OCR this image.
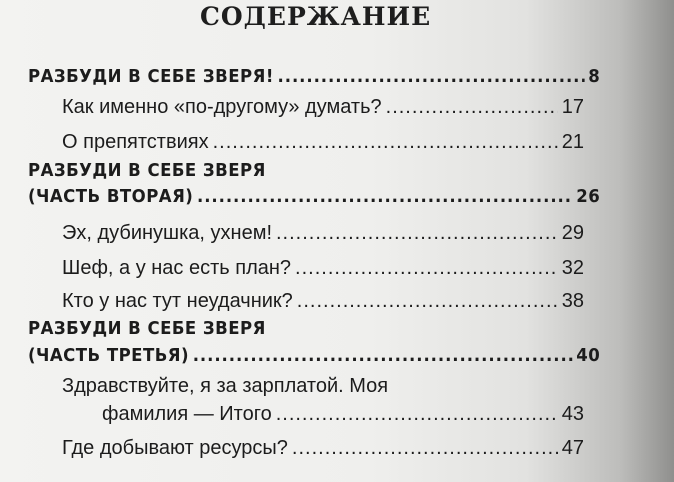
СОДЕРЖАНИЕ
РАЗБУДИ В СЕБЕ ЗВЕРЯ! .....	8
Как именно «по-другому» думать? .....	17
О препятствиях .....	21
РАЗБУДИ В СЕБЕ ЗВЕРЯ
(ЧАСТЬ ВТОРАЯ) .....	26
Эх, дубинушка, ухнем! .....	29
Шеф, а у нас есть план? .....	32
Кто у нас тут неудачник? .....	38
РАЗБУДИ В СЕБЕ ЗВЕРЯ
(ЧАСТЬ ТРЕТЬЯ) .....	40
Здравствуйте, я за зарплатой. Моя
фамилия — Итого .....	43
Где добывают ресурсы? .....	47
